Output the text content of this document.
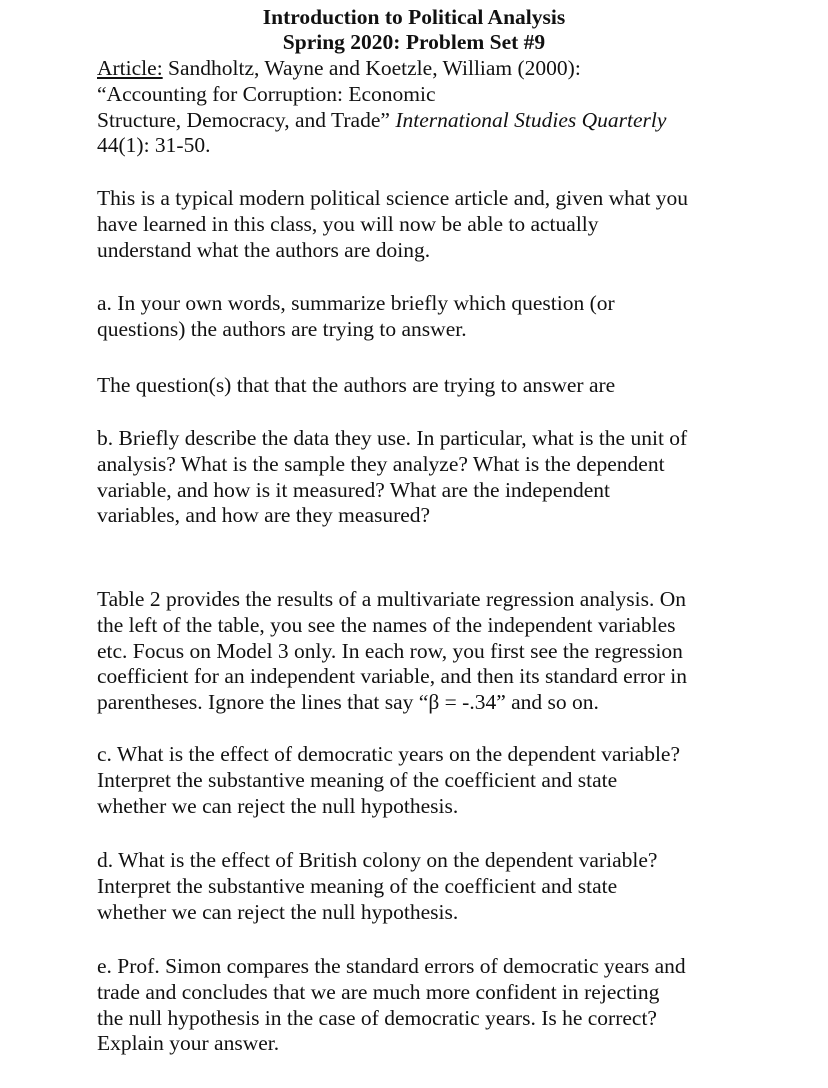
Introduction to Political Analysis
Spring 2020: Problem Set #9
Article: Sandholtz, Wayne and Koetzle, William (2000):
“Accounting for Corruption: Economic
Structure, Democracy, and Trade” International Studies Quarterly
44(1): 31-50.
This is a typical modern political science article and, given what you
have learned in this class, you will now be able to actually
understand what the authors are doing.
a. In your own words, summarize briefly which question (or
questions) the authors are trying to answer.
The question(s) that that the authors are trying to answer are
b. Briefly describe the data they use. In particular, what is the unit of
analysis? What is the sample they analyze? What is the dependent
variable, and how is it measured? What are the independent
variables, and how are they measured?
Table 2 provides the results of a multivariate regression analysis. On
the left of the table, you see the names of the independent variables
etc. Focus on Model 3 only. In each row, you first see the regression
coefficient for an independent variable, and then its standard error in
parentheses. Ignore the lines that say “β = -.34” and so on.
c. What is the effect of democratic years on the dependent variable?
Interpret the substantive meaning of the coefficient and state
whether we can reject the null hypothesis.
d. What is the effect of British colony on the dependent variable?
Interpret the substantive meaning of the coefficient and state
whether we can reject the null hypothesis.
e. Prof. Simon compares the standard errors of democratic years and
trade and concludes that we are much more confident in rejecting
the null hypothesis in the case of democratic years. Is he correct?
Explain your answer.
